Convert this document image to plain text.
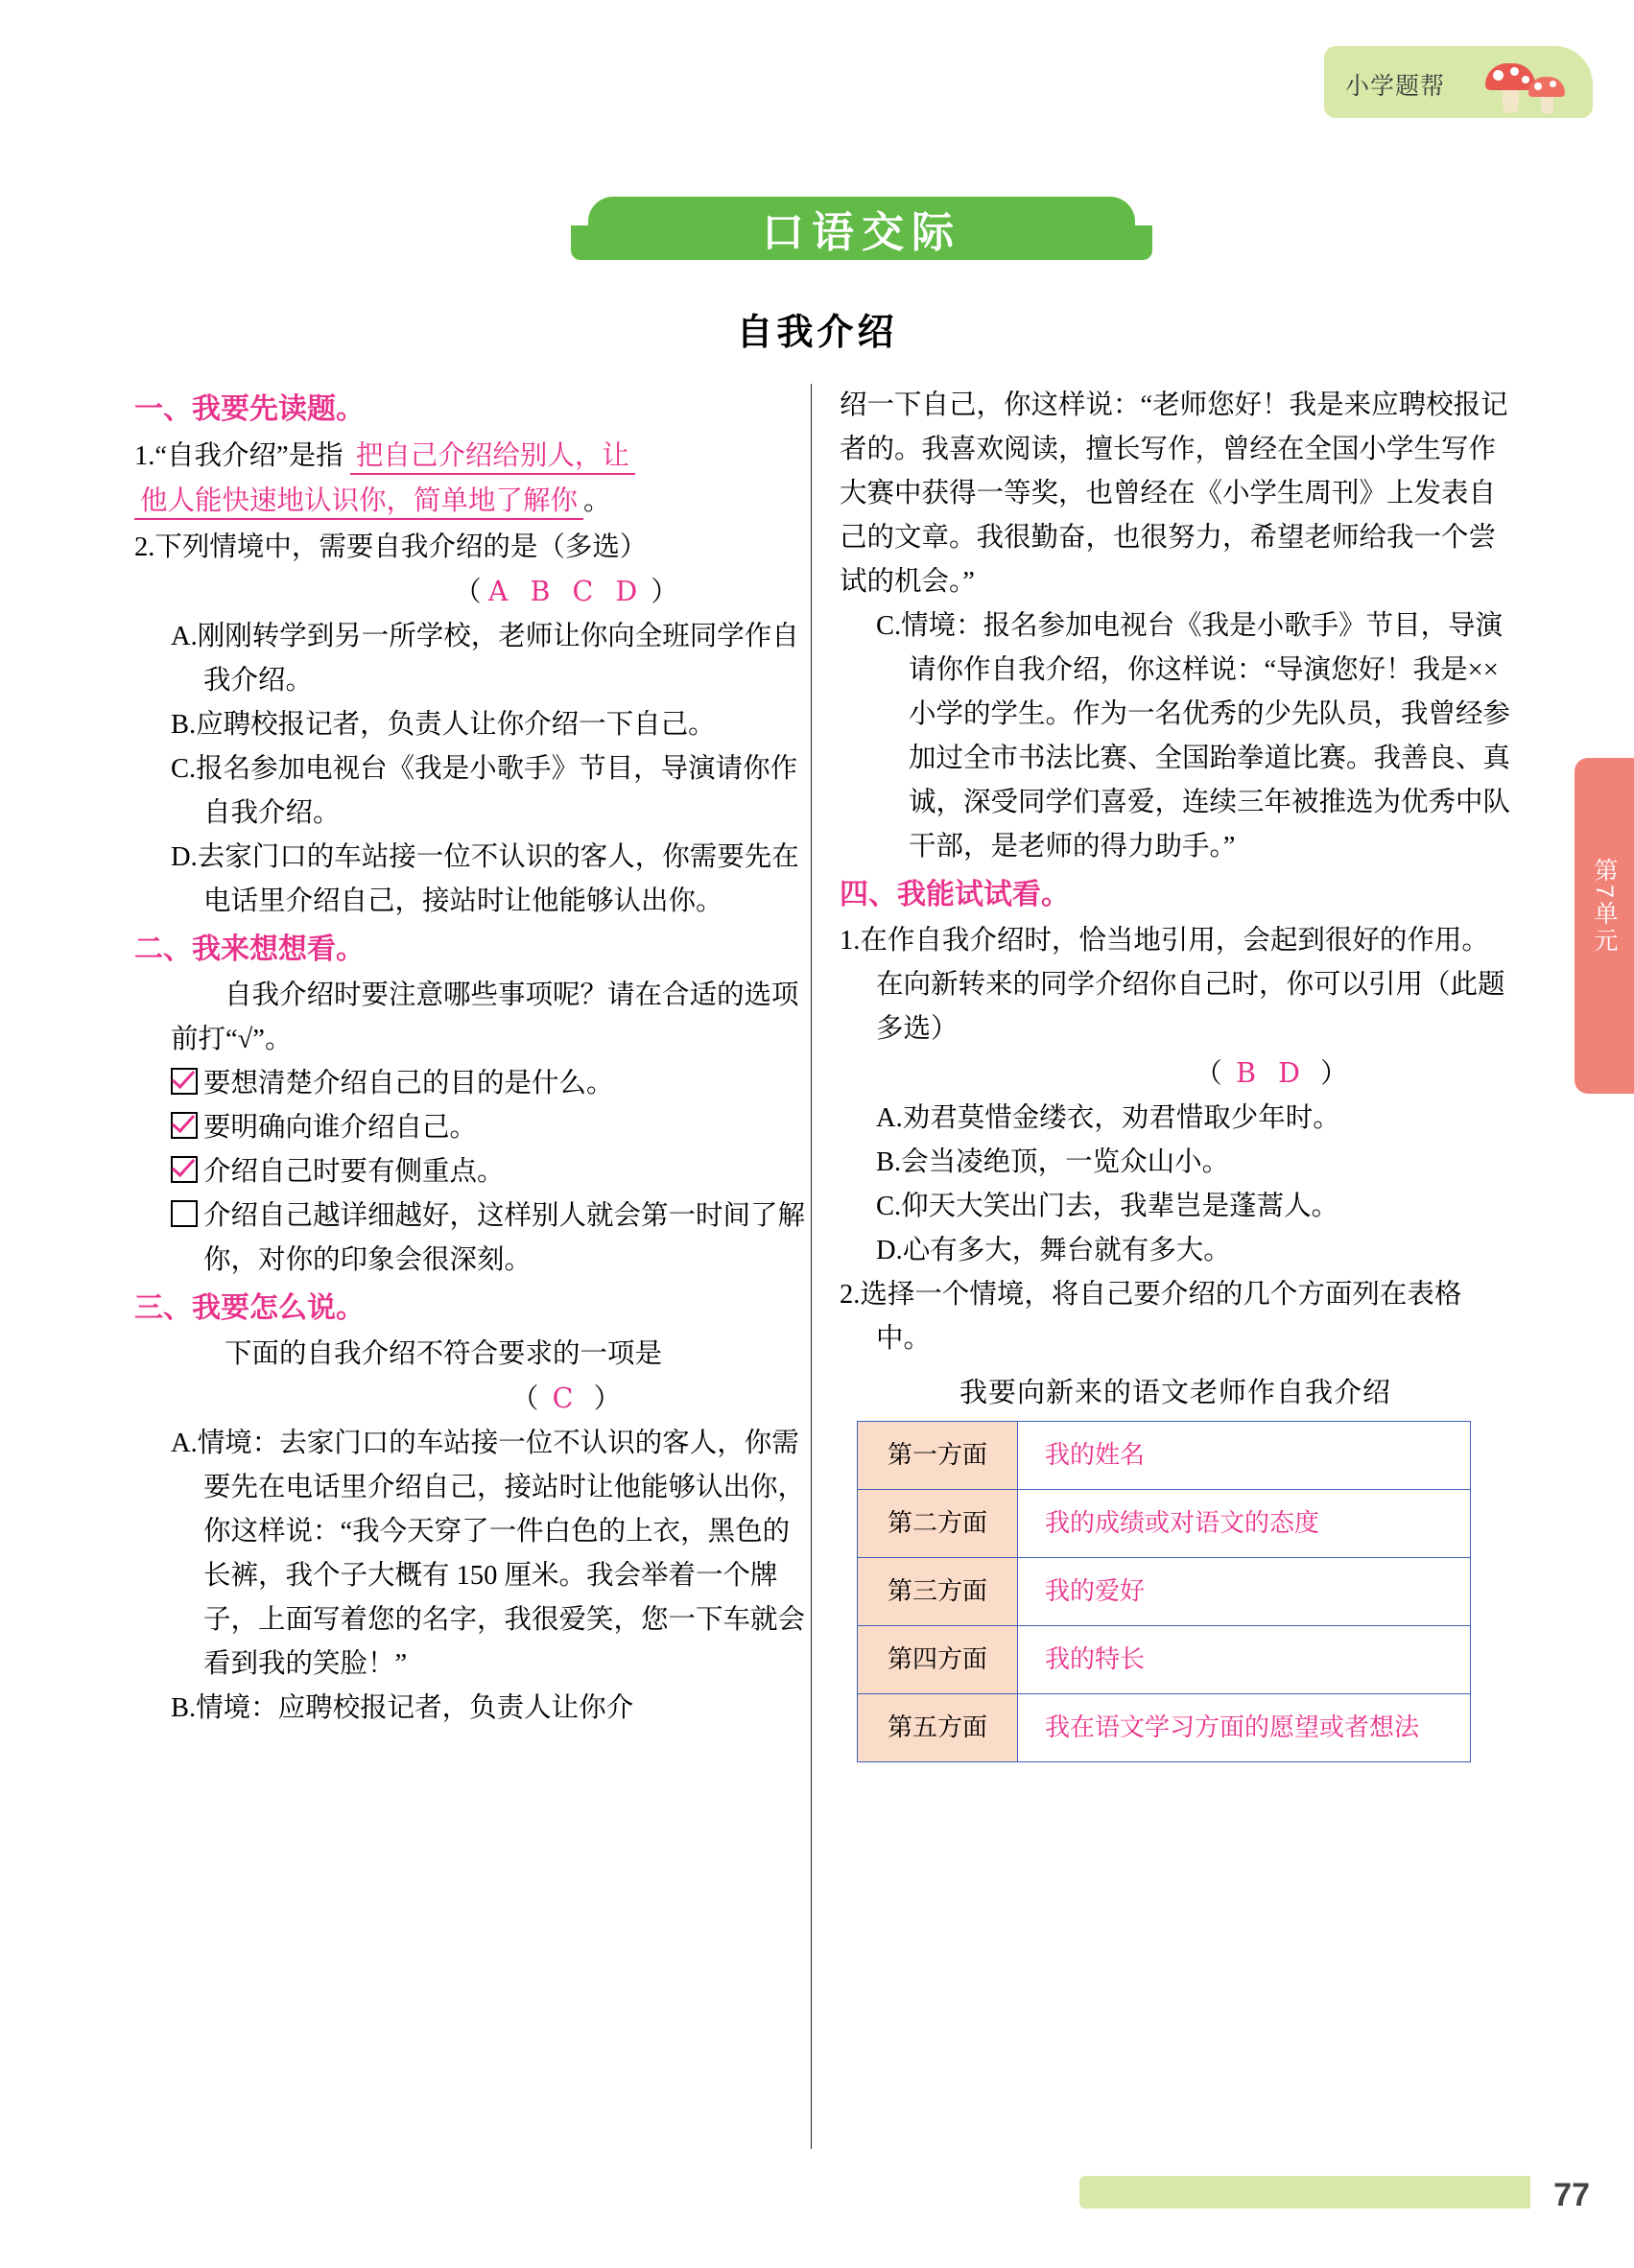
小学题帮
口语交际
自我介绍
第7单元
一、我要先读题。
1.“自我介绍”是指 把自己介绍给别人，让
他人能快速地认识你，简单地了解你 。
2.下列情境中，需要自我介绍的是（多选）
（ A B C D ）
A.刚刚转学到另一所学校，老师让你向全班同学作自我介绍。
B.应聘校报记者，负责人让你介绍一下自己。
C.报名参加电视台《我是小歌手》节目，导演请你作自我介绍。
D.去家门口的车站接一位不认识的客人，你需要先在电话里介绍自己，接站时让他能够认出你。
二、我来想想看。
自我介绍时要注意哪些事项呢？请在合适的选项前打“√”。
要想清楚介绍自己的目的是什么。
要明确向谁介绍自己。
介绍自己时要有侧重点。
介绍自己越详细越好，这样别人就会第一时间了解你，对你的印象会很深刻。
三、我要怎么说。
下面的自我介绍不符合要求的一项是
（  C  ）
A.情境：去家门口的车站接一位不认识的客人，你需要先在电话里介绍自己，接站时让他能够认出你，你这样说：“我今天穿了一件白色的上衣，黑色的长裤，我个子大概有 150 厘米。我会举着一个牌子，上面写着您的名字，我很爱笑，您一下车就会看到我的笑脸！”
B.情境：应聘校报记者，负责人让你介
绍一下自己，你这样说：“老师您好！我是来应聘校报记者的。我喜欢阅读，擅长写作，曾经在全国小学生写作大赛中获得一等奖，也曾经在《小学生周刊》上发表自己的文章。我很勤奋，也很努力，希望老师给我一个尝试的机会。”
C.情境：报名参加电视台《我是小歌手》节目，导演请你作自我介绍，你这样说：“导演您好！我是××小学的学生。作为一名优秀的少先队员，我曾经参加过全市书法比赛、全国跆拳道比赛。我善良、真诚，深受同学们喜爱，连续三年被推选为优秀中队干部，是老师的得力助手。”
四、我能试试看。
1.在作自我介绍时，恰当地引用，会起到很好的作用。在向新转来的同学介绍你自己时，你可以引用（此题多选）
（  B D  ）
A.劝君莫惜金缕衣，劝君惜取少年时。
B.会当凌绝顶，一览众山小。
C.仰天大笑出门去，我辈岂是蓬蒿人。
D.心有多大，舞台就有多大。
2.选择一个情境，将自己要介绍的几个方面列在表格中。
我要向新来的语文老师作自我介绍
第一方面	我的姓名
第二方面	我的成绩或对语文的态度
第三方面	我的爱好
第四方面	我的特长
第五方面	我在语文学习方面的愿望或者想法
77
